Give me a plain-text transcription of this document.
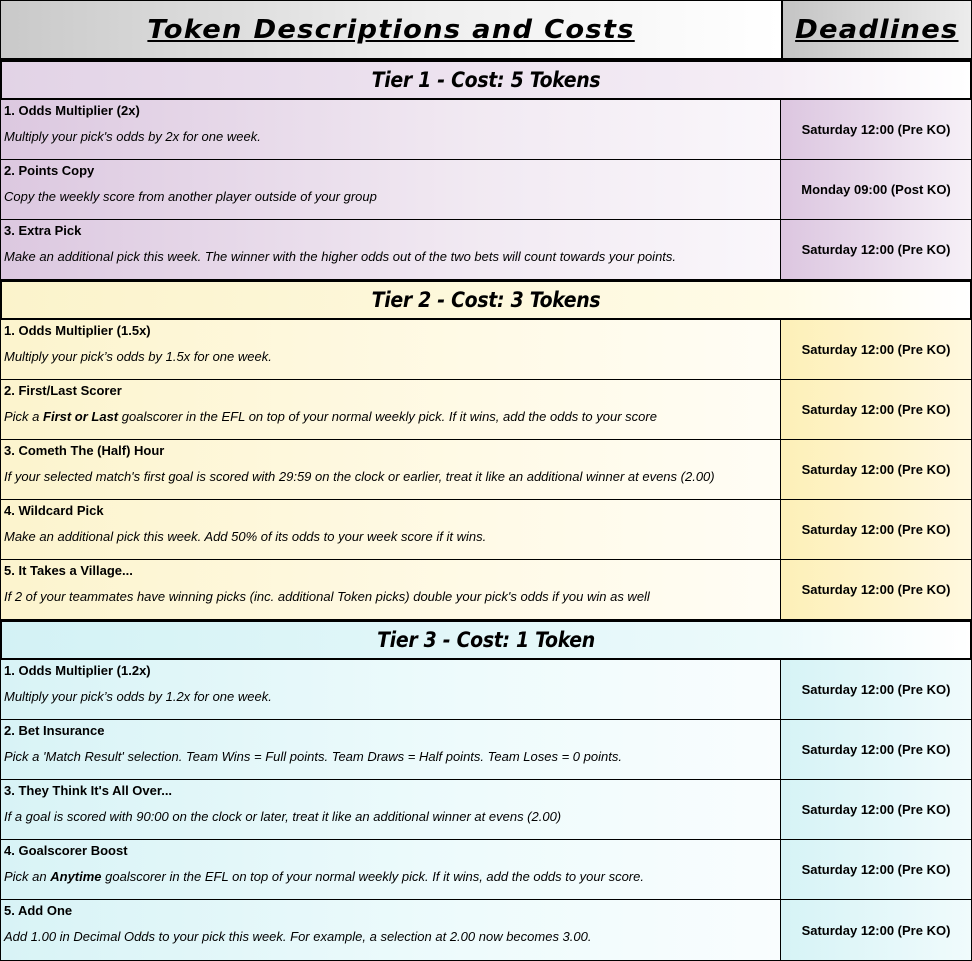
Token Descriptions and Costs	Deadlines
Tier 1 - Cost: 5 Tokens
1. Odds Multiplier (2x)
Multiply your pick's odds by 2x for one week.	Saturday 12:00 (Pre KO)
2. Points Copy
Copy the weekly score from another player outside of your group	Monday 09:00 (Post KO)
3. Extra Pick
Make an additional pick this week. The winner with the higher odds out of the two bets will count towards your points.	Saturday 12:00 (Pre KO)
Tier 2 - Cost: 3 Tokens
1. Odds Multiplier (1.5x)
Multiply your pick’s odds by 1.5x for one week.	Saturday 12:00 (Pre KO)
2. First/Last Scorer
Pick a First or Last goalscorer in the EFL on top of your normal weekly pick. If it wins, add the odds to your score	Saturday 12:00 (Pre KO)
3. Cometh The (Half) Hour
If your selected match's first goal is scored with 29:59 on the clock or earlier, treat it like an additional winner at evens (2.00)	Saturday 12:00 (Pre KO)
4. Wildcard Pick
Make an additional pick this week. Add 50% of its odds to your week score if it wins.	Saturday 12:00 (Pre KO)
5. It Takes a Village...
If 2 of your teammates have winning picks (inc. additional Token picks) double your pick's odds if you win as well	Saturday 12:00 (Pre KO)
Tier 3 - Cost: 1 Token
1. Odds Multiplier (1.2x)
Multiply your pick’s odds by 1.2x for one week.	Saturday 12:00 (Pre KO)
2. Bet Insurance
Pick a 'Match Result' selection. Team Wins = Full points. Team Draws = Half points. Team Loses = 0 points.	Saturday 12:00 (Pre KO)
3. They Think It's All Over...
If a goal is scored with 90:00 on the clock or later, treat it like an additional winner at evens (2.00)	Saturday 12:00 (Pre KO)
4. Goalscorer Boost
Pick an Anytime goalscorer in the EFL on top of your normal weekly pick. If it wins, add the odds to your score.	Saturday 12:00 (Pre KO)
5. Add One
Add 1.00 in Decimal Odds to your pick this week. For example, a selection at 2.00 now becomes 3.00.	Saturday 12:00 (Pre KO)
